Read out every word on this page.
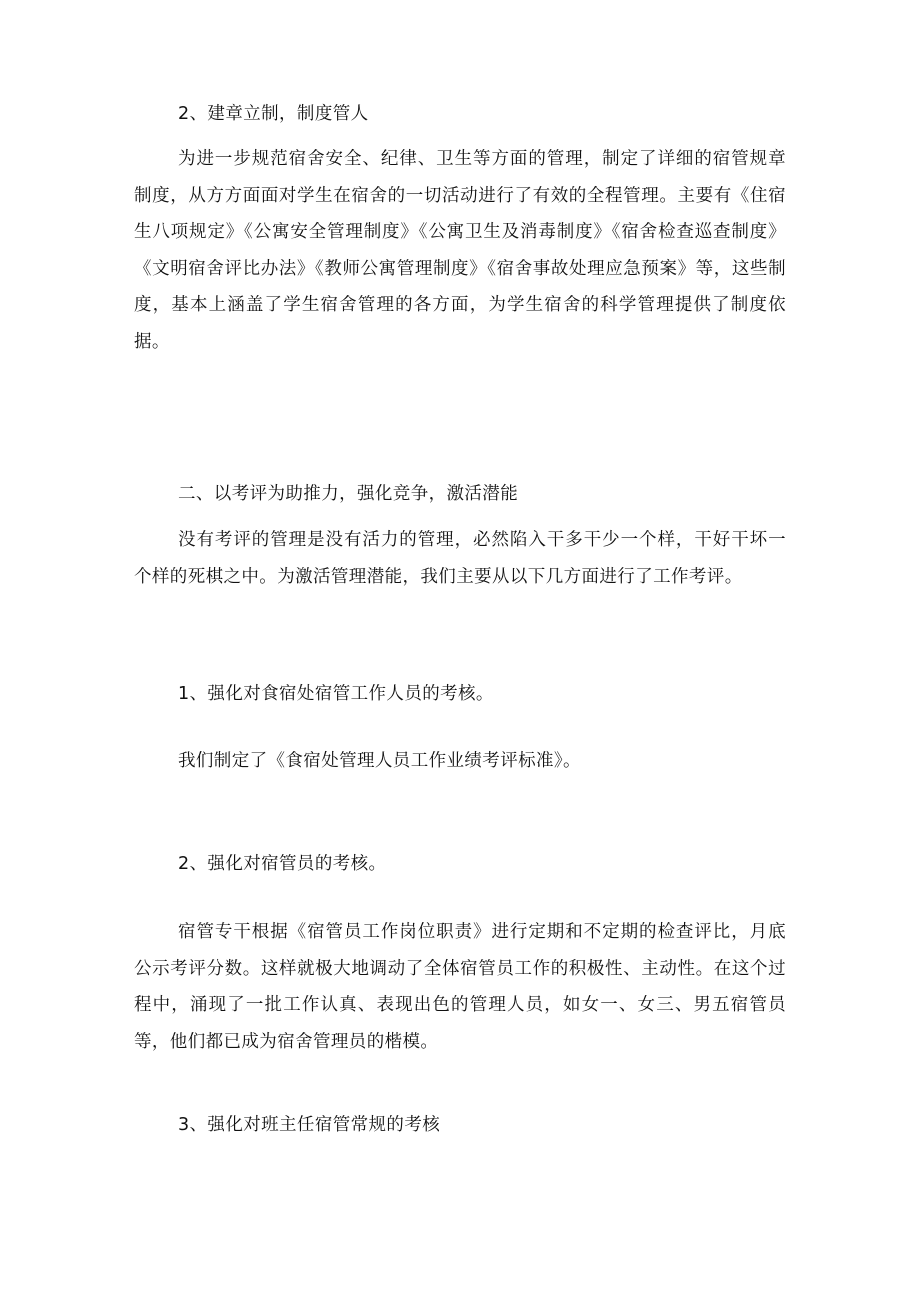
2、建章立制，制度管人

为进一步规范宿舍安全、纪律、卫生等方面的管理，制定了详细的宿管规章制度，从方方面面对学生在宿舍的一切活动进行了有效的全程管理。主要有《住宿生八项规定》《公寓安全管理制度》《公寓卫生及消毒制度》《宿舍检查巡查制度》《文明宿舍评比办法》《教师公寓管理制度》《宿舍事故处理应急预案》等，这些制度，基本上涵盖了学生宿舍管理的各方面，为学生宿舍的科学管理提供了制度依据。

二、以考评为助推力，强化竞争，激活潜能

没有考评的管理是没有活力的管理，必然陷入干多干少一个样，干好干坏一个样的死棋之中。为激活管理潜能，我们主要从以下几方面进行了工作考评。

1、强化对食宿处宿管工作人员的考核。

我们制定了《食宿处管理人员工作业绩考评标准》。

2、强化对宿管员的考核。

宿管专干根据《宿管员工作岗位职责》进行定期和不定期的检查评比，月底公示考评分数。这样就极大地调动了全体宿管员工作的积极性、主动性。在这个过程中，涌现了一批工作认真、表现出色的管理人员，如女一、女三、男五宿管员等，他们都已成为宿舍管理员的楷模。

3、强化对班主任宿管常规的考核
